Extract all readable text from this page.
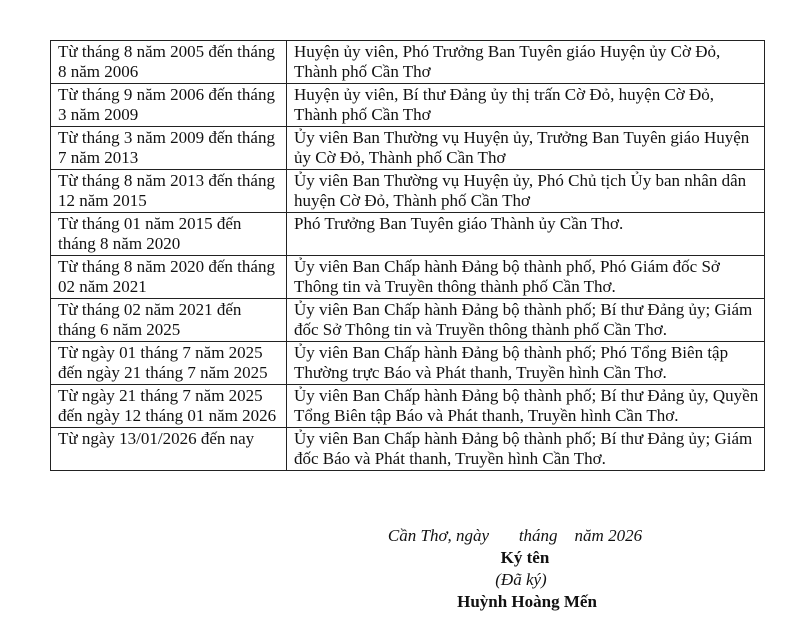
Từ tháng 8 năm 2005 đến tháng 8 năm 2006	Huyện ủy viên, Phó Trưởng Ban Tuyên giáo Huyện ủy Cờ Đỏ, Thành phố Cần Thơ
Từ tháng 9 năm 2006 đến tháng 3 năm 2009	Huyện ủy viên, Bí thư Đảng ủy thị trấn Cờ Đỏ, huyện Cờ Đỏ, Thành phố Cần Thơ
Từ tháng 3 năm 2009 đến tháng 7 năm 2013	Ủy viên Ban Thường vụ Huyện ủy, Trưởng Ban Tuyên giáo Huyện ủy Cờ Đỏ, Thành phố Cần Thơ
Từ tháng 8 năm 2013 đến tháng 12 năm 2015	Ủy viên Ban Thường vụ Huyện ủy, Phó Chủ tịch Ủy ban nhân dân huyện Cờ Đỏ, Thành phố Cần Thơ
Từ tháng 01 năm 2015 đến tháng 8 năm 2020	Phó Trưởng Ban Tuyên giáo Thành ủy Cần Thơ.
Từ tháng 8 năm 2020 đến tháng 02 năm 2021	Ủy viên Ban Chấp hành Đảng bộ thành phố, Phó Giám đốc Sở Thông tin và Truyền thông thành phố Cần Thơ.
Từ tháng 02 năm 2021 đến tháng 6 năm 2025	Ủy viên Ban Chấp hành Đảng bộ thành phố; Bí thư Đảng ủy; Giám đốc Sở Thông tin và Truyền thông thành phố Cần Thơ.
Từ ngày 01 tháng 7 năm 2025 đến ngày 21 tháng 7 năm 2025	Ủy viên Ban Chấp hành Đảng bộ thành phố; Phó Tổng Biên tập Thường trực Báo và Phát thanh, Truyền hình Cần Thơ.
Từ ngày 21 tháng 7 năm 2025 đến ngày 12 tháng 01 năm 2026	Ủy viên Ban Chấp hành Đảng bộ thành phố; Bí thư Đảng ủy, Quyền Tổng Biên tập Báo và Phát thanh, Truyền hình Cần Thơ.
Từ ngày 13/01/2026 đến nay	Ủy viên Ban Chấp hành Đảng bộ thành phố; Bí thư Đảng ủy; Giám đốc Báo và Phát thanh, Truyền hình Cần Thơ.
Cần Thơ, ngày       tháng    năm 2026
Ký tên
(Đã ký)
Huỳnh Hoàng Mến
